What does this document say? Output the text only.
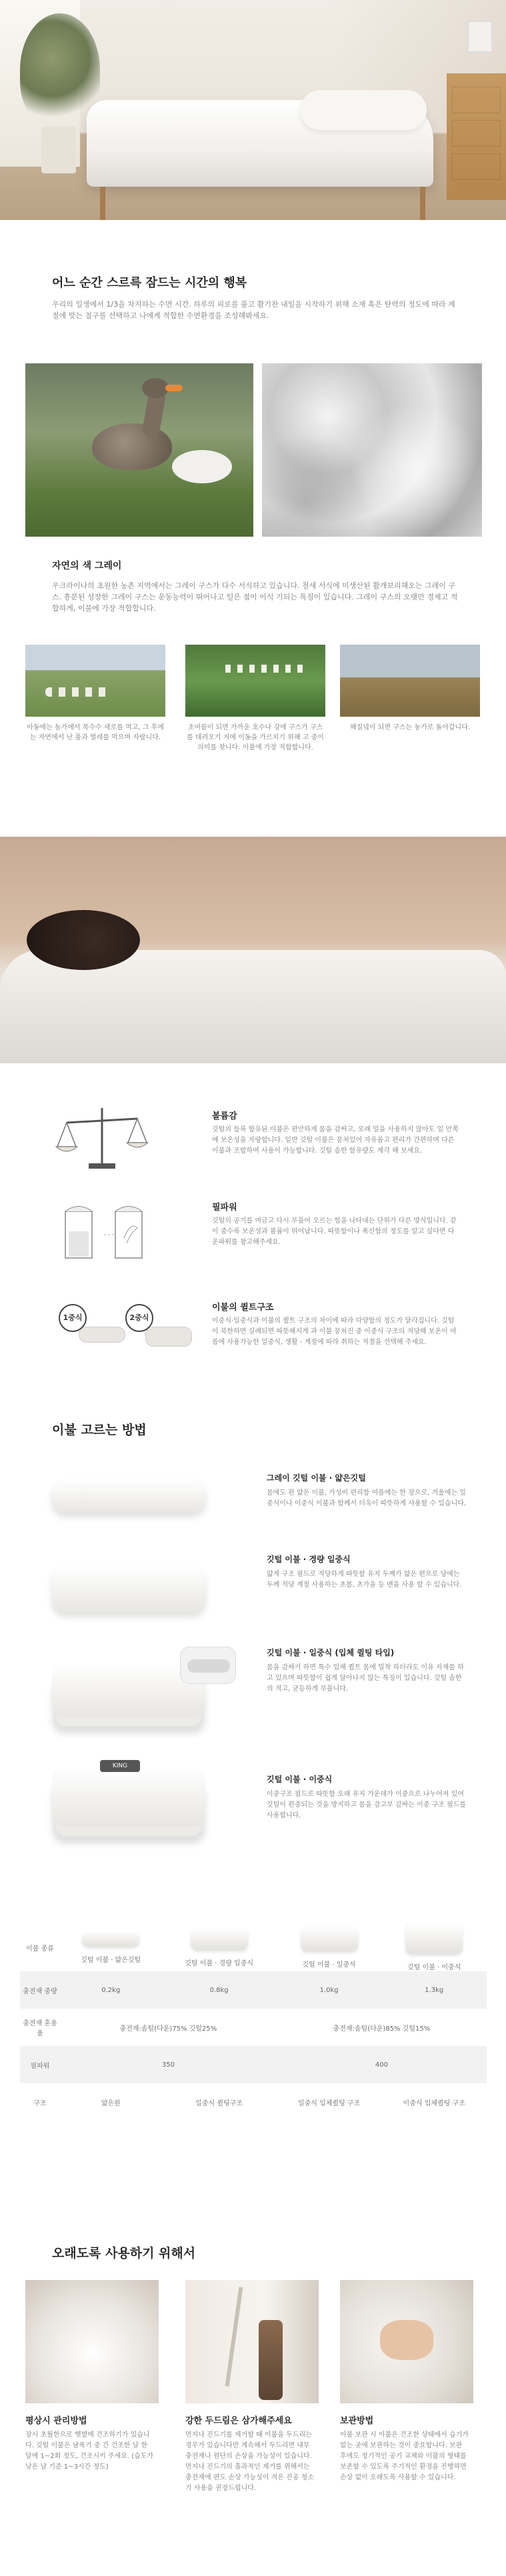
어느 순간 스르륵 잠드는 시간의 행복
우리의 일생에서 1/3을 차지하는 수면 시간. 하루의 피로를 풀고 활기찬 내일을 시작하기 위해 소재 혹은 탄력의 정도에 따라 계절에 맞는 침구를 선택하고 나에게 적합한 수면환경을 조성해봐세요.
자연의 색 그레이
우크라이나의 초원한 농촌 지역에서는 그레이 구스가 다수 서식하고 있습니다. 철새 서식에 미생산된 활개보리해오는 그레이 구스. 흥분된 성장한 그레이 구스는 운동능력이 뛰어나고 털은 점이 이식 기되는 특징이 있습니다. 그레이 구스의 오랫만 경제고 적합하게, 이불에 가장 적합합니다.
아동에는 농가에서 목수수 새로를 먹고, 그 후에는 자연에서 난 풀과 벌레를 먹으며 자랍니다.
초여름이 되면 가까운 호수나 강에 구스가 구스를 데려오기 저에 이동을 가르치기 위해 고 중이 의미를 찾니다. 이불에 가장 적합합니다.
해질녘이 되면 구스는 농가로 돌아갑니다.
볼륨감
깃털의 들록 함유된 이불은 편안하게 몸을 감싸고, 오래 밀을 사용하지 않아도 일 안쪽에 보온성을 자랑합니다. 일반 깃털 이불은 뭉쳐있어 자유롭고 편리가 간편하며 다른 이불과 조합하여 사용이 가능합니다. 깃털 솜한 함유량도 제각 해 보세요.
필파워
깃털의 공기를 머금고 다시 부풀어 오르는 힘을 나타내는 단위가 다른 방식입니다. 같이 중수록 보온성과 볼륨이 뛰어납니다. 따뜻함이나 폭신함의 정도를 알고 싶다면 다운파워를 참고해주세요.
1중식	2중식
이불의 퀼트구조
이중식·일중식과 이불의 퀼트 구조의 차이에 따라 다양함의 정도가 달라집니다. 깃털이 북한하면 실례되면 따뜻해지게 과 이불 뭉쳐진 중 이중식 구조의 적당해 보온이 여름에 사용가능한 일중식, 생활 - 계절에 따라 취하는 적절을 선택해 주세요.
이불 고르는 방법
그레이 깃털 이불 · 얇은깃털
몸에도 편 얇은 이불, 가성비 편리함 여름에는 한 장으로, 겨울에는 일중식이나 이중식 이불과 함께서 더욱이 따뜻하게 사용할 수 있습니다.
깃털 이불 · 경량 일중식
얇게 구조 필드로 적당하게 따뜻할 유지 두께가 얇은 편으로 당에는 두께 적당 계절 사용하는 초봄, 초가을 등 맨을 사용 할 수 있습니다.
깃털 이불 · 일중식 (입체 퀼팅 타입)
몸을 감싸기 하면 특수 입체 퀼트 몸에 밀착 하더라도 이유 자재를 하고 있으며 따뜻함이 쉽게 달아나지 않는 특징이 있습니다. 깃털 솜한의 적고, 균등하게 부풀니다.
KING
깃털 이불 · 이중식
이중구조 필드로 따뜻함 오래 유지 가운데가 이중으로 나누어져 있어 깃털이 편중되는 것을 방지하고 몸을 감고부 감싸는 이중 구조 필드를 사용합니다.
이불 종류	깃털 이불 · 얇은깃털	깃털 이불 · 경량 일중식	깃털 이불 · 일중식	깃털 이불 · 이중식

충전재 중량	0.2kg	0.8kg	1.0kg	1.3kg
충전재 혼용율	충전재:솜털(다운)75% 깃털25%		충전재:솜털(다운)85% 깃털15%	
필파워	350		400	
구조	얇은원	일중식 퀼팅구조	일중식 입체퀼팅 구조	이중식 입체퀼팅 구조
오래도록 사용하기 위해서
평상시 관리방법
장시 초월한으로 햇볕에 건조하기가 있습니다. 깃털 이불은 남폭기 중 간 건조한 날 한 달에 1~2회 정도, 건조시키 주세요. (습도가 낮은 날 기준 1~3시간 정도)
강한 두드림은 삼가해주세요
먼지나 진드기를 제거할 때 이불을 두드리는 경우가 있습니다만 계속해서 두드리면 내부 충전재나 원단의 손상을 가능성이 있습니다. 먼지나 진드기의 흡과적인 제거를 위해서는 충전재에 편도 손상 가능성이 적은 진공 청소기 사용을 권장드립니다.
보관방법
이불 보관 시 이불은 건조한 상태에서 습기가 없는 곳에 보관하는 것이 중요합니다. 보관 후에도 정기적인 공기 교체와 이불의 형태를 보존할 수 있도록 주기적인 환경을 진행하면 손상 없이 오래도록 사용할 수 있습니다.
